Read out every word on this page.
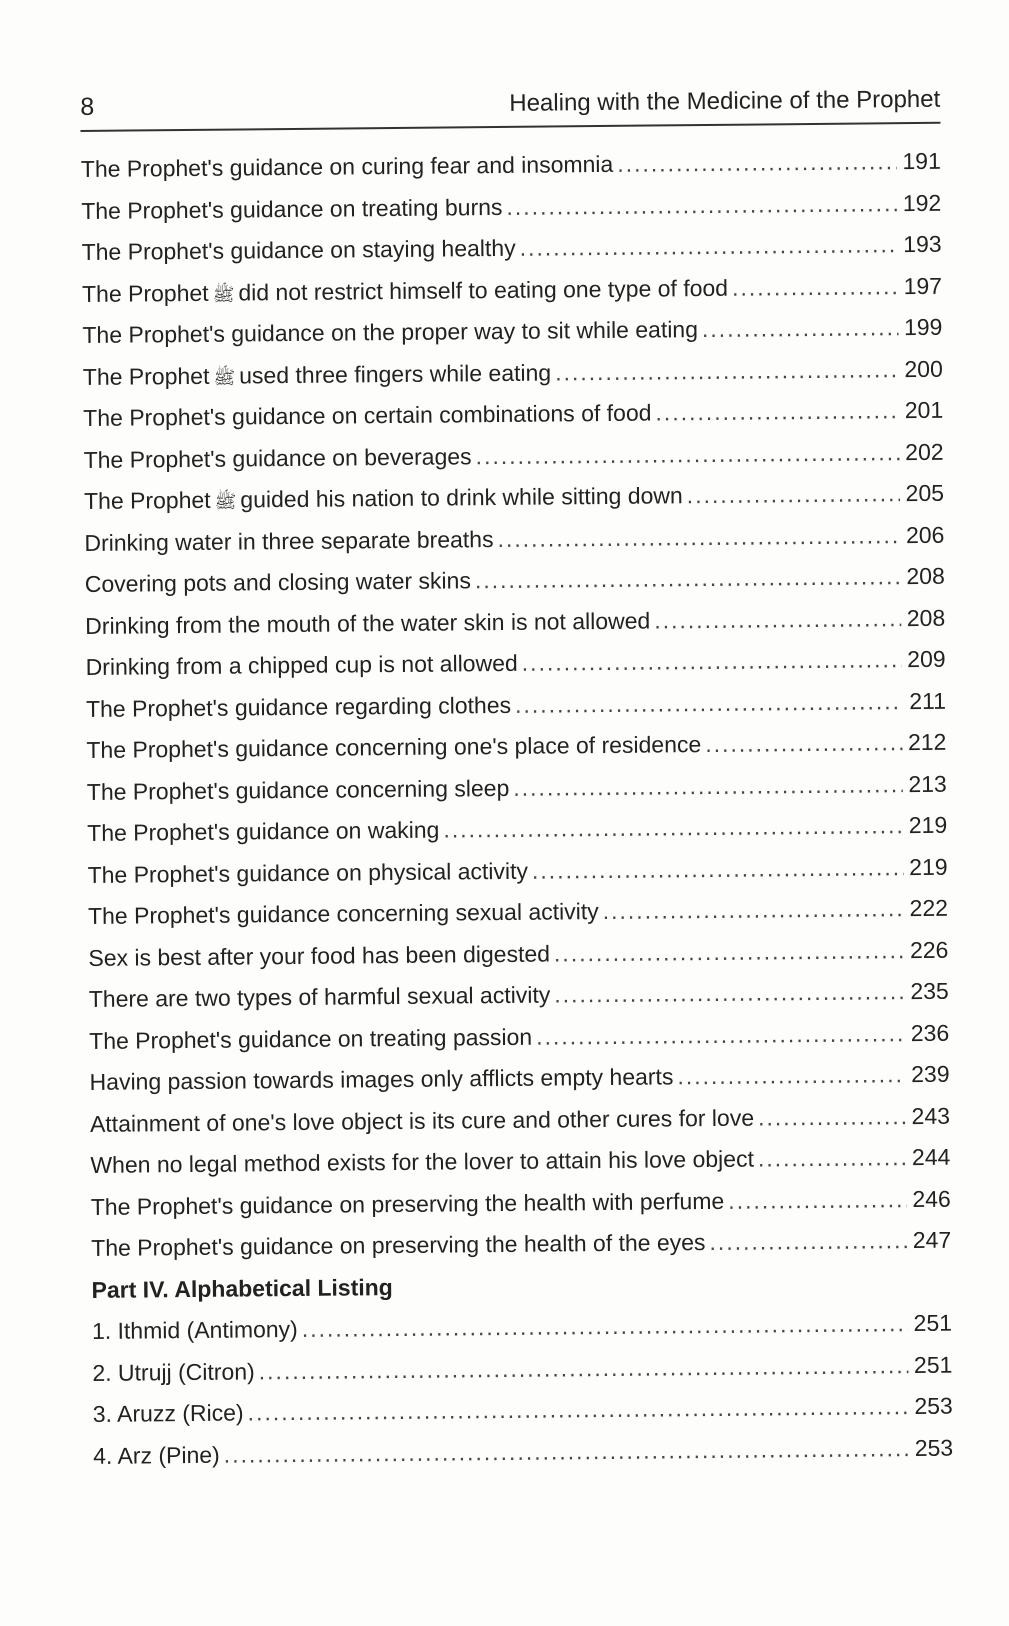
8	Healing with the Medicine of the Prophet
The Prophet's guidance on curing fear and insomnia .....	191
The Prophet's guidance on treating burns .....	192
The Prophet's guidance on staying healthy .....	193
The Prophet ﷺ did not restrict himself to eating one type of food .....	197
The Prophet's guidance on the proper way to sit while eating .....	199
The Prophet ﷺ used three fingers while eating .....	200
The Prophet's guidance on certain combinations of food .....	201
The Prophet's guidance on beverages .....	202
The Prophet ﷺ guided his nation to drink while sitting down .....	205
Drinking water in three separate breaths .....	206
Covering pots and closing water skins .....	208
Drinking from the mouth of the water skin is not allowed .....	208
Drinking from a chipped cup is not allowed .....	209
The Prophet's guidance regarding clothes .....	211
The Prophet's guidance concerning one's place of residence .....	212
The Prophet's guidance concerning sleep .....	213
The Prophet's guidance on waking .....	219
The Prophet's guidance on physical activity .....	219
The Prophet's guidance concerning sexual activity .....	222
Sex is best after your food has been digested .....	226
There are two types of harmful sexual activity .....	235
The Prophet's guidance on treating passion .....	236
Having passion towards images only afflicts empty hearts .....	239
Attainment of one's love object is its cure and other cures for love .....	243
When no legal method exists for the lover to attain his love object .....	244
The Prophet's guidance on preserving the health with perfume .....	246
The Prophet's guidance on preserving the health of the eyes .....	247
Part IV. Alphabetical Listing
1. Ithmid (Antimony) .....	251
2. Utrujj (Citron) .....	251
3. Aruzz (Rice) .....	253
4. Arz (Pine) .....	253
